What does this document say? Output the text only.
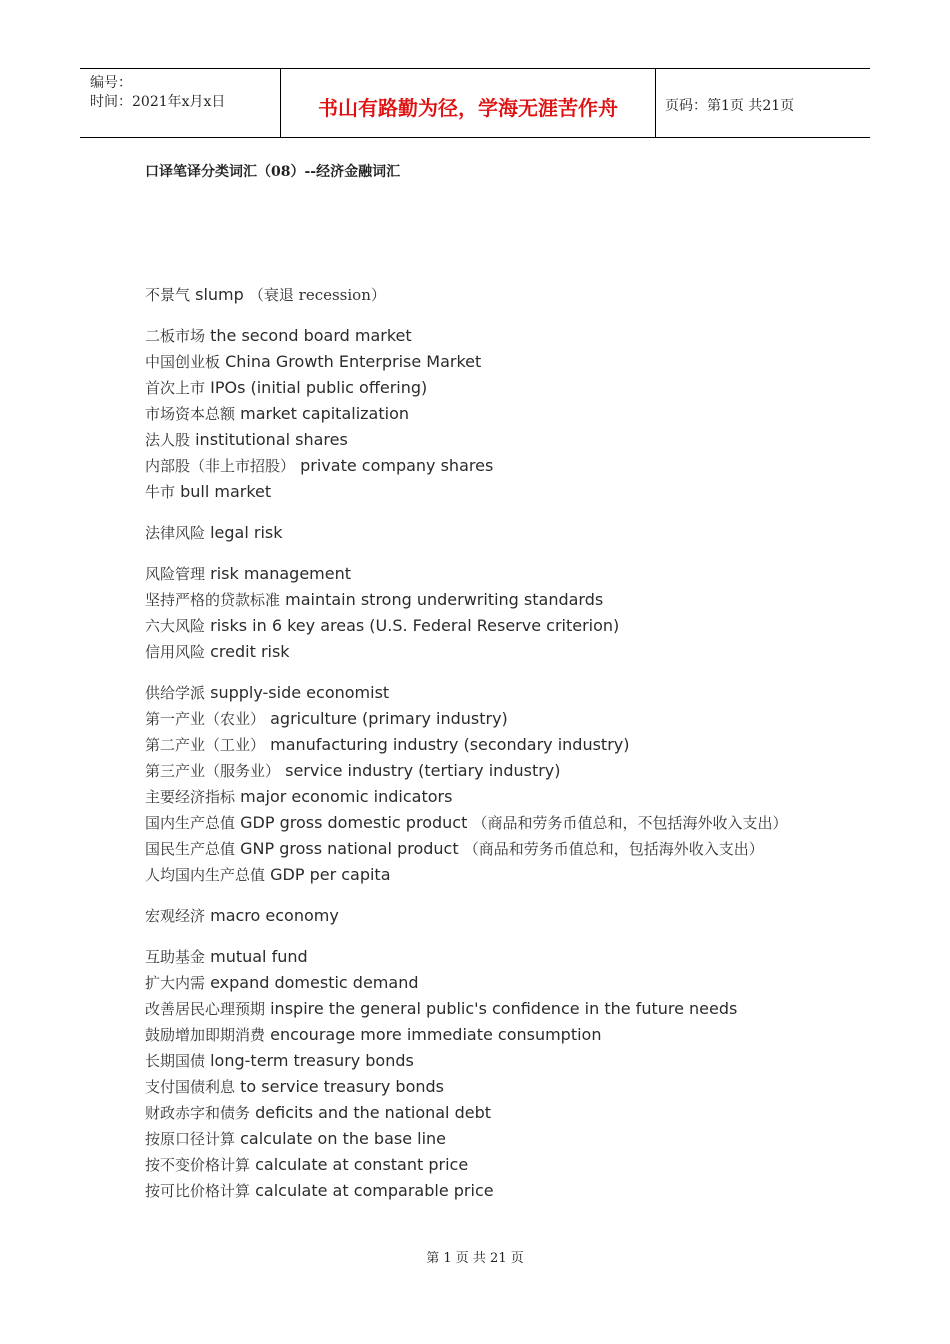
编号：
时间：2021年x月x日	书山有路勤为径，学海无涯苦作舟	页码：第1页 共21页
口译笔译分类词汇（08）--经济金融词汇
不景气 slump （衰退 recession）
二板市场 the second board market
中国创业板 China Growth Enterprise Market
首次上市 IPOs (initial public offering)
市场资本总额 market capitalization
法人股 institutional shares
内部股（非上市招股） private company shares
牛市 bull market
法律风险 legal risk
风险管理 risk management
坚持严格的贷款标准 maintain strong underwriting standards
六大风险 risks in 6 key areas (U.S. Federal Reserve criterion)
信用风险 credit risk
供给学派 supply-side economist
第一产业（农业） agriculture (primary industry)
第二产业（工业） manufacturing industry (secondary industry)
第三产业（服务业） service industry (tertiary industry)
主要经济指标 major economic indicators
国内生产总值 GDP gross domestic product （商品和劳务币值总和，不包括海外收入支出）
国民生产总值 GNP gross national product （商品和劳务币值总和，包括海外收入支出）
人均国内生产总值 GDP per capita
宏观经济 macro economy
互助基金 mutual fund
扩大内需 expand domestic demand
改善居民心理预期 inspire the general public's confidence in the future needs
鼓励增加即期消费 encourage more immediate consumption
长期国债 long-term treasury bonds
支付国债利息 to service treasury bonds
财政赤字和债务 deficits and the national debt
按原口径计算 calculate on the base line
按不变价格计算 calculate at constant price
按可比价格计算 calculate at comparable price
第 1 页 共 21 页
